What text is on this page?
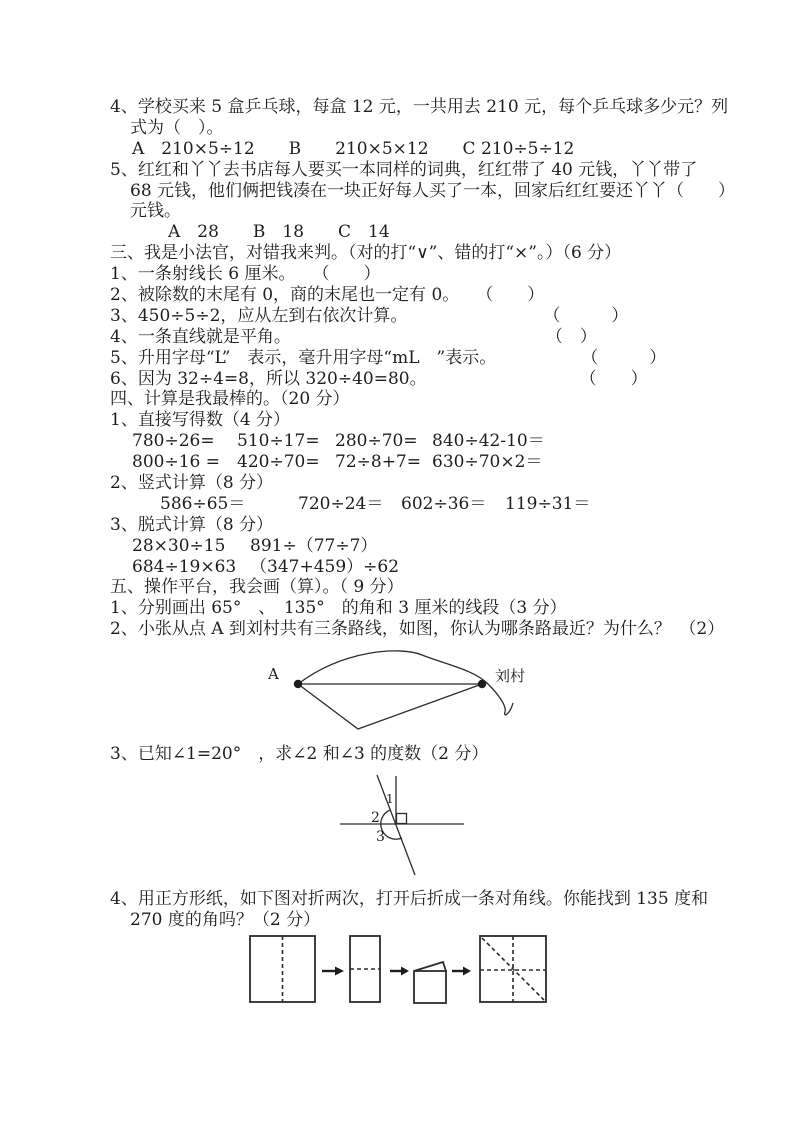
4、学校买来 5 盒乒乓球，每盒 12 元，一共用去 210 元，每个乒乓球多少元？列
式为（　）。
A　210×5÷12　　B　　210×5×12　　C 210÷5÷12
5、红红和丫丫去书店每人要买一本同样的词典，红红带了 40 元钱，丫丫带了
68 元钱，他们俩把钱凑在一块正好每人买了一本，回家后红红要还丫丫（　　）
元钱。
A　28　　B　18　　C　14
三、我是小法官，对错我来判。（对的打“∨”、错的打“×”。）（6 分）
1、一条射线长 6 厘米。　　（　　）
2、被除数的末尾有 0，商的末尾也一定有 0。　　（　　）
3、450÷5÷2，应从左到右依次计算。　　　　　　　　　（　　　）
4、一条直线就是平角。　　　　　　　　　　　　　　　　（　）
5、升用字母“L”　表示，毫升用字母“mL　”表示。　　　　　　（　　　）
6、因为 32÷4=8，所以 320÷40=80。　　　　　　　　　　（　　）
四、计算是我最棒的。（20 分）
1、直接写得数（4 分）
780÷26=	510÷17= 280÷70= 840÷42-10＝
800÷16 =	420÷70= 72÷8+7= 630÷70×2＝
2、竖式计算（8 分）
586÷65＝	720÷24＝	602÷36＝	119÷31＝
3、脱式计算（8 分）
28×30÷15	891÷（77÷7）
684÷19×63 （347+459）÷62
五、操作平台，我会画（算）。（ 9 分）
1、分别画出 65°　、　135°　的角和 3 厘米的线段（3 分）
2、小张从点 A 到刘村共有三条路线，如图，你认为哪条路最近？为什么？　（2）
A	刘村
3、已知∠1=20°　，求∠2 和∠3 的度数（2 分）
1
2
3
4、用正方形纸，如下图对折两次，打开后折成一条对角线。你能找到 135 度和
270 度的角吗？（2 分）
